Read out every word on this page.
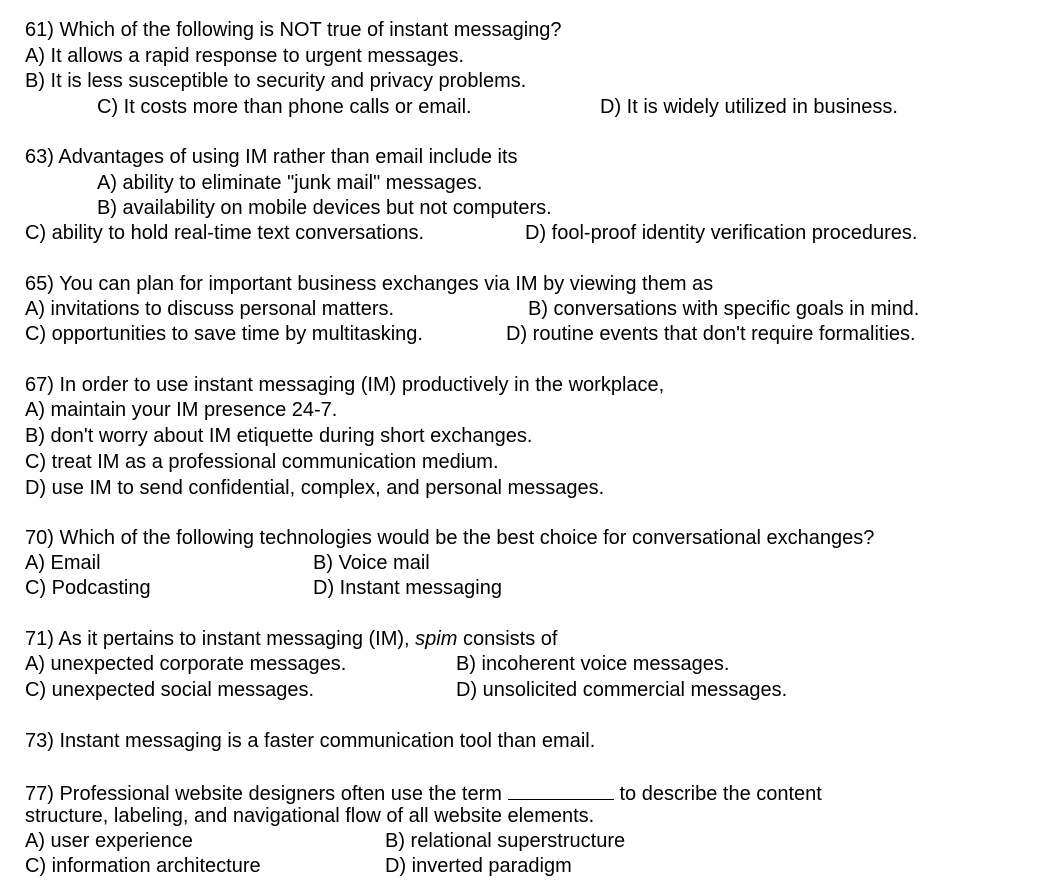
61) Which of the following is NOT true of instant messaging?
A) It allows a rapid response to urgent messages.
B) It is less susceptible to security and privacy problems.
C) It costs more than phone calls or email.	D) It is widely utilized in business.
63) Advantages of using IM rather than email include its
A) ability to eliminate "junk mail" messages.
B) availability on mobile devices but not computers.
C) ability to hold real-time text conversations.	D) fool-proof identity verification procedures.
65) You can plan for important business exchanges via IM by viewing them as
A) invitations to discuss personal matters.	B) conversations with specific goals in mind.
C) opportunities to save time by multitasking.	D) routine events that don't require formalities.
67) In order to use instant messaging (IM) productively in the workplace,
A) maintain your IM presence 24-7.
B) don't worry about IM etiquette during short exchanges.
C) treat IM as a professional communication medium.
D) use IM to send confidential, complex, and personal messages.
70) Which of the following technologies would be the best choice for conversational exchanges?
A) Email	B) Voice mail
C) Podcasting	D) Instant messaging
71) As it pertains to instant messaging (IM), spim consists of
A) unexpected corporate messages.	B) incoherent voice messages.
C) unexpected social messages.	D) unsolicited commercial messages.
73) Instant messaging is a faster communication tool than email.
77) Professional website designers often use the term	to describe the content
structure, labeling, and navigational flow of all website elements.
A) user experience	B) relational superstructure
C) information architecture	D) inverted paradigm
